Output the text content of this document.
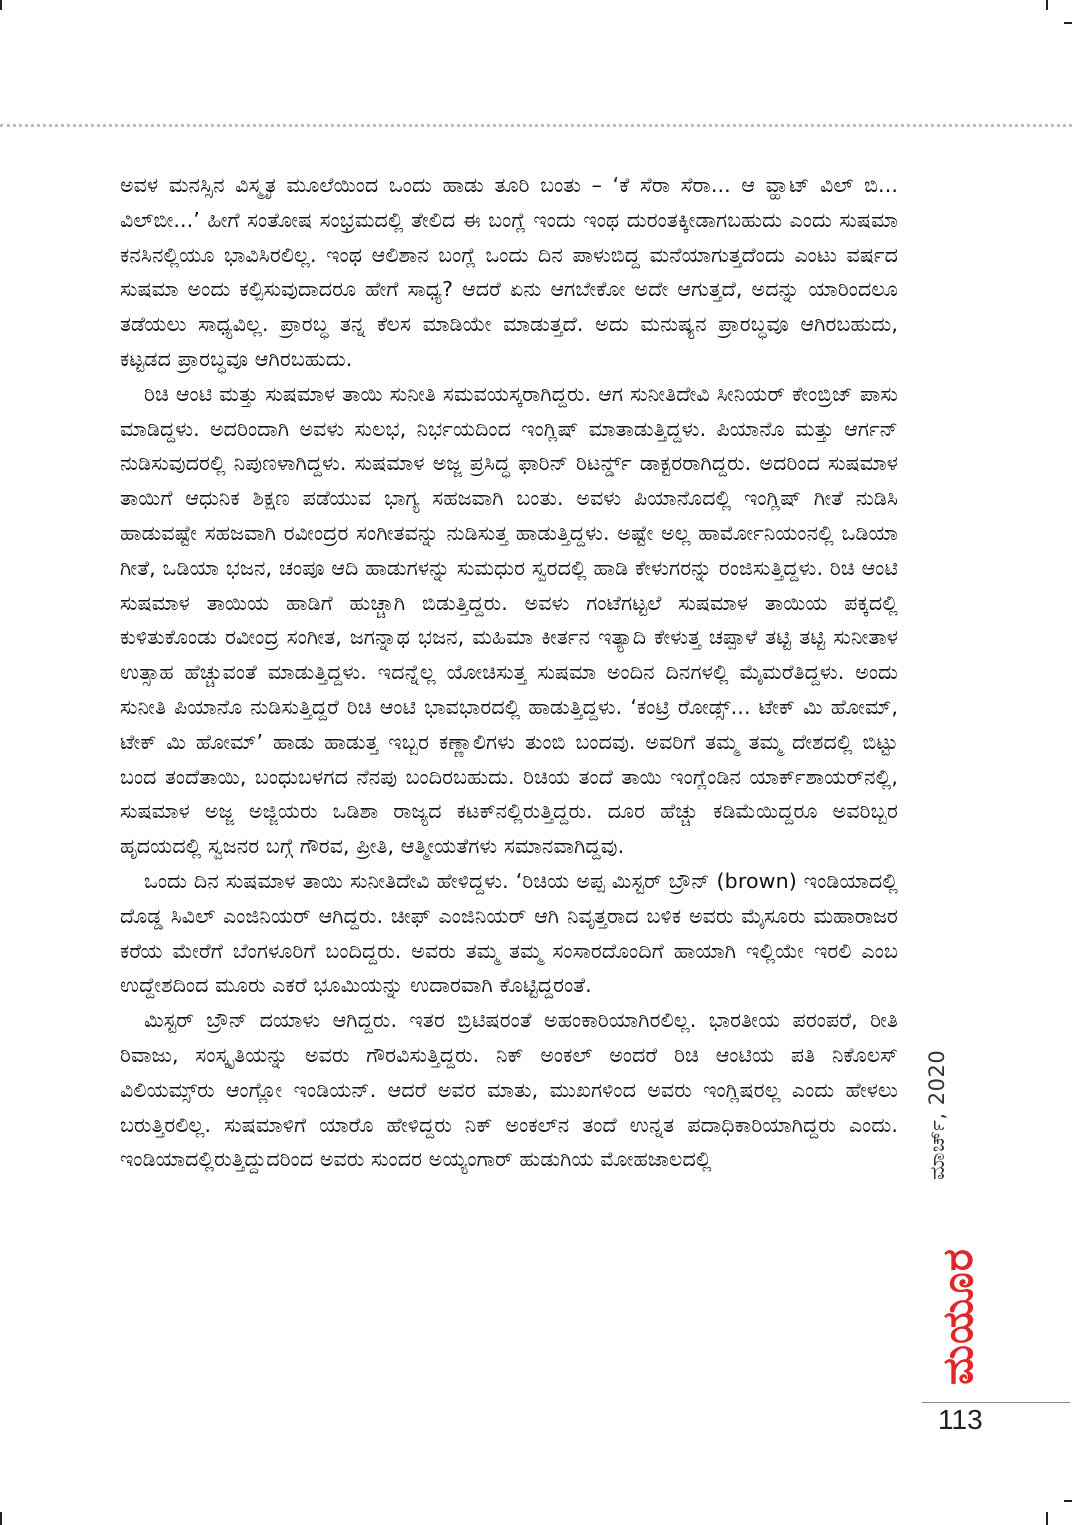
ಅವಳ ಮನಸ್ಸಿನ ವಿಸ್ಮೃತ ಮೂಲೆಯಿಂದ ಒಂದು ಹಾಡು ತೂರಿ ಬಂತು – ‘ಕೆ ಸೆರಾ ಸೆರಾ... ಆ ವ್ಹಾಟ್ ವಿಲ್ ಬಿ... ವಿಲ್‌ಬೀ...’ ಹೀಗೆ ಸಂತೋಷ ಸಂಭ್ರಮದಲ್ಲಿ ತೇಲಿದ ಈ ಬಂಗ್ಲೆ ಇಂದು ಇಂಥ ದುರಂತಕ್ಕೀಡಾಗಬಹುದು ಎಂದು ಸುಷಮಾ ಕನಸಿನಲ್ಲಿಯೂ ಭಾವಿಸಿರಲಿಲ್ಲ. ಇಂಥ ಆಲಿಶಾನ ಬಂಗ್ಲೆ ಒಂದು ದಿನ ಪಾಳುಬಿದ್ದ ಮನೆಯಾಗುತ್ತದೆಂದು ಎಂಟು ವರ್ಷದ ಸುಷಮಾ ಅಂದು ಕಲ್ಪಿಸುವುದಾದರೂ ಹೇಗೆ ಸಾಧ್ಯ? ಆದರೆ ಏನು ಆಗಬೇಕೋ ಅದೇ ಆಗುತ್ತದೆ, ಅದನ್ನು ಯಾರಿಂದಲೂ ತಡೆಯಲು ಸಾಧ್ಯವಿಲ್ಲ. ಪ್ರಾರಬ್ಧ ತನ್ನ ಕೆಲಸ ಮಾಡಿಯೇ ಮಾಡುತ್ತದೆ. ಅದು ಮನುಷ್ಯನ ಪ್ರಾರಬ್ಧವೂ ಆಗಿರಬಹುದು, ಕಟ್ಟಡದ ಪ್ರಾರಬ್ಧವೂ ಆಗಿರಬಹುದು.

ರಿಚಿ ಆಂಟಿ ಮತ್ತು ಸುಷಮಾಳ ತಾಯಿ ಸುನೀತಿ ಸಮವಯಸ್ಕರಾಗಿದ್ದರು. ಆಗ ಸುನೀತಿದೇವಿ ಸೀನಿಯರ್ ಕೇಂಬ್ರಿಜ್ ಪಾಸು ಮಾಡಿದ್ದಳು. ಅದರಿಂದಾಗಿ ಅವಳು ಸುಲಭ, ನಿರ್ಭಯದಿಂದ ಇಂಗ್ಲಿಷ್ ಮಾತಾಡುತ್ತಿದ್ದಳು. ಪಿಯಾನೊ ಮತ್ತು ಆರ್ಗನ್ ನುಡಿಸುವುದರಲ್ಲಿ ನಿಪುಣಳಾಗಿದ್ದಳು. ಸುಷಮಾಳ ಅಜ್ಜ ಪ್ರಸಿದ್ಧ ಫಾರಿನ್ ರಿಟರ್ನ್ಡ್ ಡಾಕ್ಟರರಾಗಿದ್ದರು. ಅದರಿಂದ ಸುಷಮಾಳ ತಾಯಿಗೆ ಆಧುನಿಕ ಶಿಕ್ಷಣ ಪಡೆಯುವ ಭಾಗ್ಯ ಸಹಜವಾಗಿ ಬಂತು. ಅವಳು ಪಿಯಾನೊದಲ್ಲಿ ಇಂಗ್ಲಿಷ್ ಗೀತೆ ನುಡಿಸಿ ಹಾಡುವಷ್ಟೇ ಸಹಜವಾಗಿ ರವೀಂದ್ರರ ಸಂಗೀತವನ್ನು ನುಡಿಸುತ್ತ ಹಾಡುತ್ತಿದ್ದಳು. ಅಷ್ಟೇ ಅಲ್ಲ ಹಾರ್ಮೋನಿಯಂನಲ್ಲಿ ಒಡಿಯಾ ಗೀತೆ, ಒಡಿಯಾ ಭಜನ, ಚಂಪೂ ಆದಿ ಹಾಡುಗಳನ್ನು ಸುಮಧುರ ಸ್ವರದಲ್ಲಿ ಹಾಡಿ ಕೇಳುಗರನ್ನು ರಂಜಿಸುತ್ತಿದ್ದಳು. ರಿಚಿ ಆಂಟಿ ಸುಷಮಾಳ ತಾಯಿಯ ಹಾಡಿಗೆ ಹುಚ್ಚಾಗಿ ಬಿಡುತ್ತಿದ್ದರು. ಅವಳು ಗಂಟೆಗಟ್ಟಲೆ ಸುಷಮಾಳ ತಾಯಿಯ ಪಕ್ಕದಲ್ಲಿ ಕುಳಿತುಕೊಂಡು ರವೀಂದ್ರ ಸಂಗೀತ, ಜಗನ್ನಾಥ ಭಜನ, ಮಹಿಮಾ ಕೀರ್ತನ ಇತ್ಯಾದಿ ಕೇಳುತ್ತ ಚಪ್ಪಾಳೆ ತಟ್ಟಿ ತಟ್ಟಿ ಸುನೀತಾಳ ಉತ್ಸಾಹ ಹೆಚ್ಚುವಂತೆ ಮಾಡುತ್ತಿದ್ದಳು. ಇದನ್ನೆಲ್ಲ ಯೋಚಿಸುತ್ತ ಸುಷಮಾ ಅಂದಿನ ದಿನಗಳಲ್ಲಿ ಮೈಮರೆತಿದ್ದಳು. ಅಂದು ಸುನೀತಿ ಪಿಯಾನೊ ನುಡಿಸುತ್ತಿದ್ದರೆ ರಿಚಿ ಆಂಟಿ ಭಾವಭಾರದಲ್ಲಿ ಹಾಡುತ್ತಿದ್ದಳು. ‘ಕಂಟ್ರಿ ರೋಡ್ಸ್... ಟೇಕ್ ಮಿ ಹೋಮ್, ಟೇಕ್ ಮಿ ಹೋಮ್’ ಹಾಡು ಹಾಡುತ್ತ ಇಬ್ಬರ ಕಣ್ಣಾಲಿಗಳು ತುಂಬಿ ಬಂದವು. ಅವರಿಗೆ ತಮ್ಮ ತಮ್ಮ ದೇಶದಲ್ಲಿ ಬಿಟ್ಟು ಬಂದ ತಂದೆತಾಯಿ, ಬಂಧುಬಳಗದ ನೆನಪು ಬಂದಿರಬಹುದು. ರಿಚಿಯ ತಂದೆ ತಾಯಿ ಇಂಗ್ಲೆಂಡಿನ ಯಾರ್ಕ್‌ಶಾಯರ್‌ನಲ್ಲಿ, ಸುಷಮಾಳ ಅಜ್ಜ ಅಜ್ಜಿಯರು ಒಡಿಶಾ ರಾಜ್ಯದ ಕಟಕ್‌ನಲ್ಲಿರುತ್ತಿದ್ದರು. ದೂರ ಹೆಚ್ಚು ಕಡಿಮೆಯಿದ್ದರೂ ಅವರಿಬ್ಬರ ಹೃದಯದಲ್ಲಿ ಸ್ವಜನರ ಬಗ್ಗೆ ಗೌರವ, ಪ್ರೀತಿ, ಆತ್ಮೀಯತೆಗಳು ಸಮಾನವಾಗಿದ್ದವು.

ಒಂದು ದಿನ ಸುಷಮಾಳ ತಾಯಿ ಸುನೀತಿದೇವಿ ಹೇಳಿದ್ದಳು. ‘ರಿಚಿಯ ಅಪ್ಪ ಮಿಸ್ಟರ್ ಬ್ರೌನ್ (brown) ಇಂಡಿಯಾದಲ್ಲಿ ದೊಡ್ಡ ಸಿವಿಲ್ ಎಂಜಿನಿಯರ್ ಆಗಿದ್ದರು. ಚೀಫ್ ಎಂಜಿನಿಯರ್ ಆಗಿ ನಿವೃತ್ತರಾದ ಬಳಿಕ ಅವರು ಮೈಸೂರು ಮಹಾರಾಜರ ಕರೆಯ ಮೇರೆಗೆ ಬೆಂಗಳೂರಿಗೆ ಬಂದಿದ್ದರು. ಅವರು ತಮ್ಮ ತಮ್ಮ ಸಂಸಾರದೊಂದಿಗೆ ಹಾಯಾಗಿ ಇಲ್ಲಿಯೇ ಇರಲಿ ಎಂಬ ಉದ್ದೇಶದಿಂದ ಮೂರು ಎಕರೆ ಭೂಮಿಯನ್ನು ಉದಾರವಾಗಿ ಕೊಟ್ಟಿದ್ದರಂತೆ.

ಮಿಸ್ಟರ್ ಬ್ರೌನ್ ದಯಾಳು ಆಗಿದ್ದರು. ಇತರ ಬ್ರಿಟಿಷರಂತೆ ಅಹಂಕಾರಿಯಾಗಿರಲಿಲ್ಲ. ಭಾರತೀಯ ಪರಂಪರೆ, ರೀತಿ ರಿವಾಜು, ಸಂಸ್ಕೃತಿಯನ್ನು ಅವರು ಗೌರವಿಸುತ್ತಿದ್ದರು. ನಿಕ್ ಅಂಕಲ್ ಅಂದರೆ ರಿಚಿ ಆಂಟಿಯ ಪತಿ ನಿಕೊಲಸ್ ವಿಲಿಯಮ್ಸ್‌ರು ಆಂಗ್ಲೋ ಇಂಡಿಯನ್. ಆದರೆ ಅವರ ಮಾತು, ಮುಖಗಳಿಂದ ಅವರು ಇಂಗ್ಲಿಷರಲ್ಲ ಎಂದು ಹೇಳಲು ಬರುತ್ತಿರಲಿಲ್ಲ. ಸುಷಮಾಳಿಗೆ ಯಾರೊ ಹೇಳಿದ್ದರು ನಿಕ್ ಅಂಕಲ್‌ನ ತಂದೆ ಉನ್ನತ ಪದಾಧಿಕಾರಿಯಾಗಿದ್ದರು ಎಂದು. ಇಂಡಿಯಾದಲ್ಲಿರುತ್ತಿದ್ದುದರಿಂದ ಅವರು ಸುಂದರ ಅಯ್ಯಂಗಾರ್ ಹುಡುಗಿಯ ಮೋಹಜಾಲದಲ್ಲಿ	ಮಾರ್ಚ್, 2020
ಮಯೂರ
113
